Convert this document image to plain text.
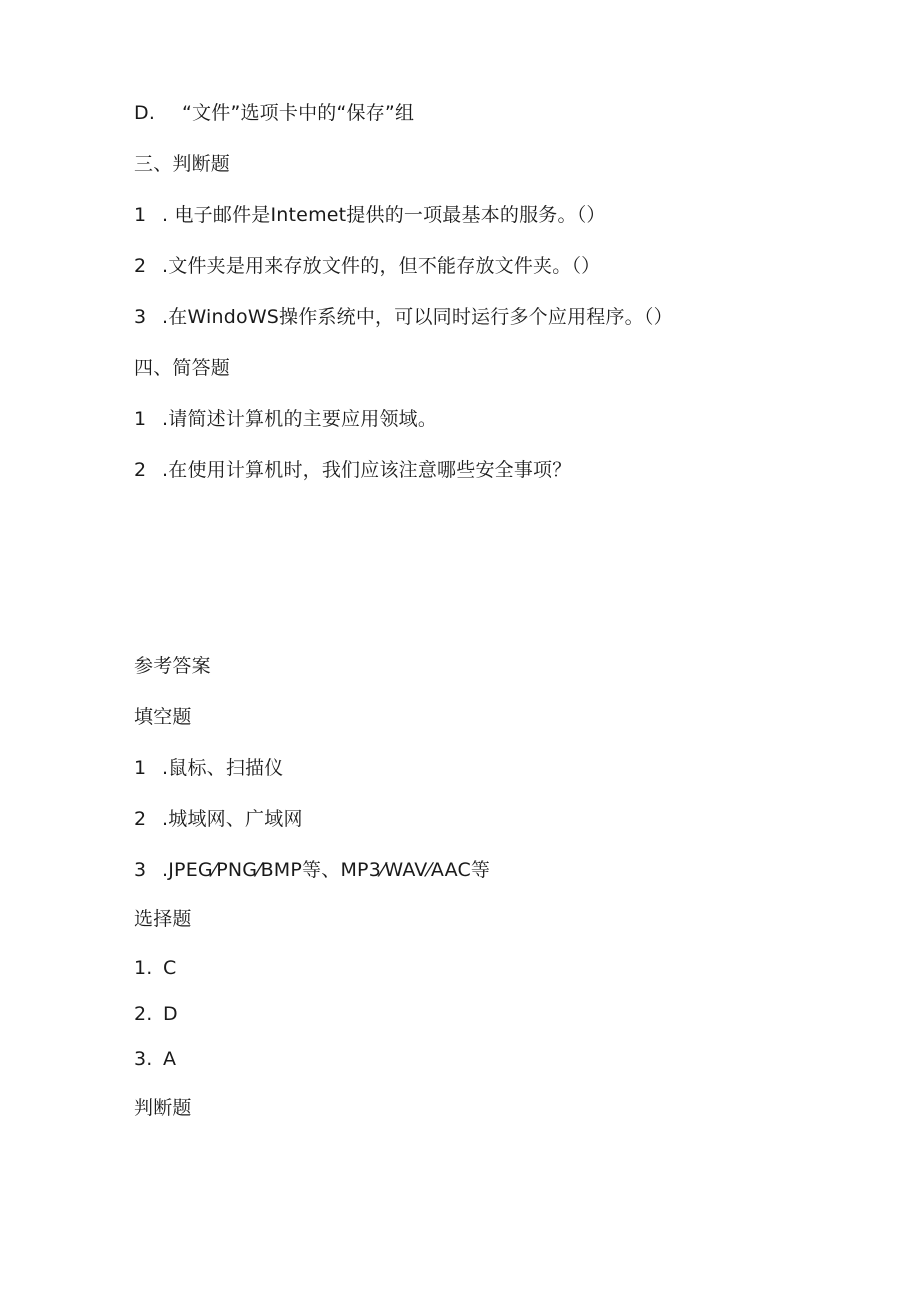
D. “文件”选项卡中的“保存”组
三、判断题
1 . 电子邮件是Intemet提供的一项最基本的服务。（）
2 .文件夹是用来存放文件的，但不能存放文件夹。（）
3 .在WindoWS操作系统中，可以同时运行多个应用程序。（）
四、简答题
1 .请简述计算机的主要应用领域。
2 .在使用计算机时，我们应该注意哪些安全事项？
参考答案
填空题
1 .鼠标、扫描仪
2 .城域网、广域网
3 .JPEG⁄PNG⁄BMP等、MP3⁄WAV⁄AAC等
选择题
1. C
2. D
3. A
判断题
